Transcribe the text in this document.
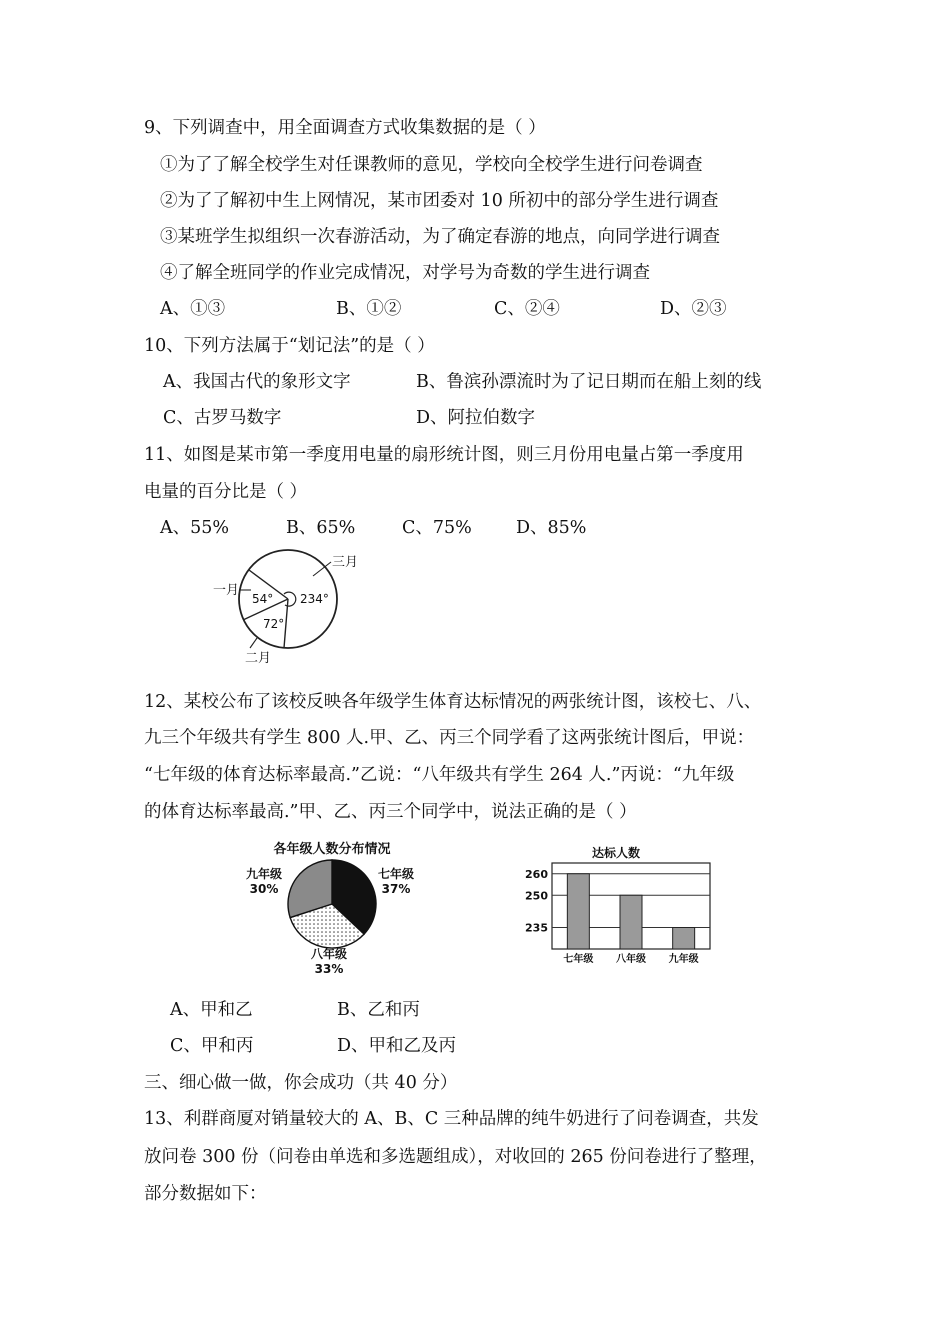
9、下列调查中，用全面调查方式收集数据的是（ ）
①为了了解全校学生对任课教师的意见，学校向全校学生进行问卷调查
②为了了解初中生上网情况，某市团委对 10 所初中的部分学生进行调查
③某班学生拟组织一次春游活动，为了确定春游的地点，向同学进行调查
④了解全班同学的作业完成情况，对学号为奇数的学生进行调查
A、①③	B、①②	C、②④	D、②③
10、下列方法属于“划记法”的是（ ）
A、我国古代的象形文字	B、鲁滨孙漂流时为了记日期而在船上刻的线
C、古罗马数字	D、阿拉伯数字
11、如图是某市第一季度用电量的扇形统计图，则三月份用电量占第一季度用
电量的百分比是（ ）
A、55%	B、65%	C、75%	D、85%
三月
一月
二月
54° 234°
72°
12、某校公布了该校反映各年级学生体育达标情况的两张统计图，该校七、八、
九三个年级共有学生 800 人.甲、乙、丙三个同学看了这两张统计图后，甲说：
“七年级的体育达标率最高.”乙说：“八年级共有学生 264 人.”丙说：“九年级
的体育达标率最高.”甲、乙、丙三个同学中，说法正确的是（ ）
各年级人数分布情况
九年级
30%
七年级
37%
八年级
33%
达标人数
235
250
260
七年级 八年级 九年级
A、甲和乙	B、乙和丙
C、甲和丙	D、甲和乙及丙
三、细心做一做，你会成功（共 40 分）
13、利群商厦对销量较大的 A、B、C 三种品牌的纯牛奶进行了问卷调查，共发
放问卷 300 份（问卷由单选和多选题组成），对收回的 265 份问卷进行了整理，
部分数据如下：
